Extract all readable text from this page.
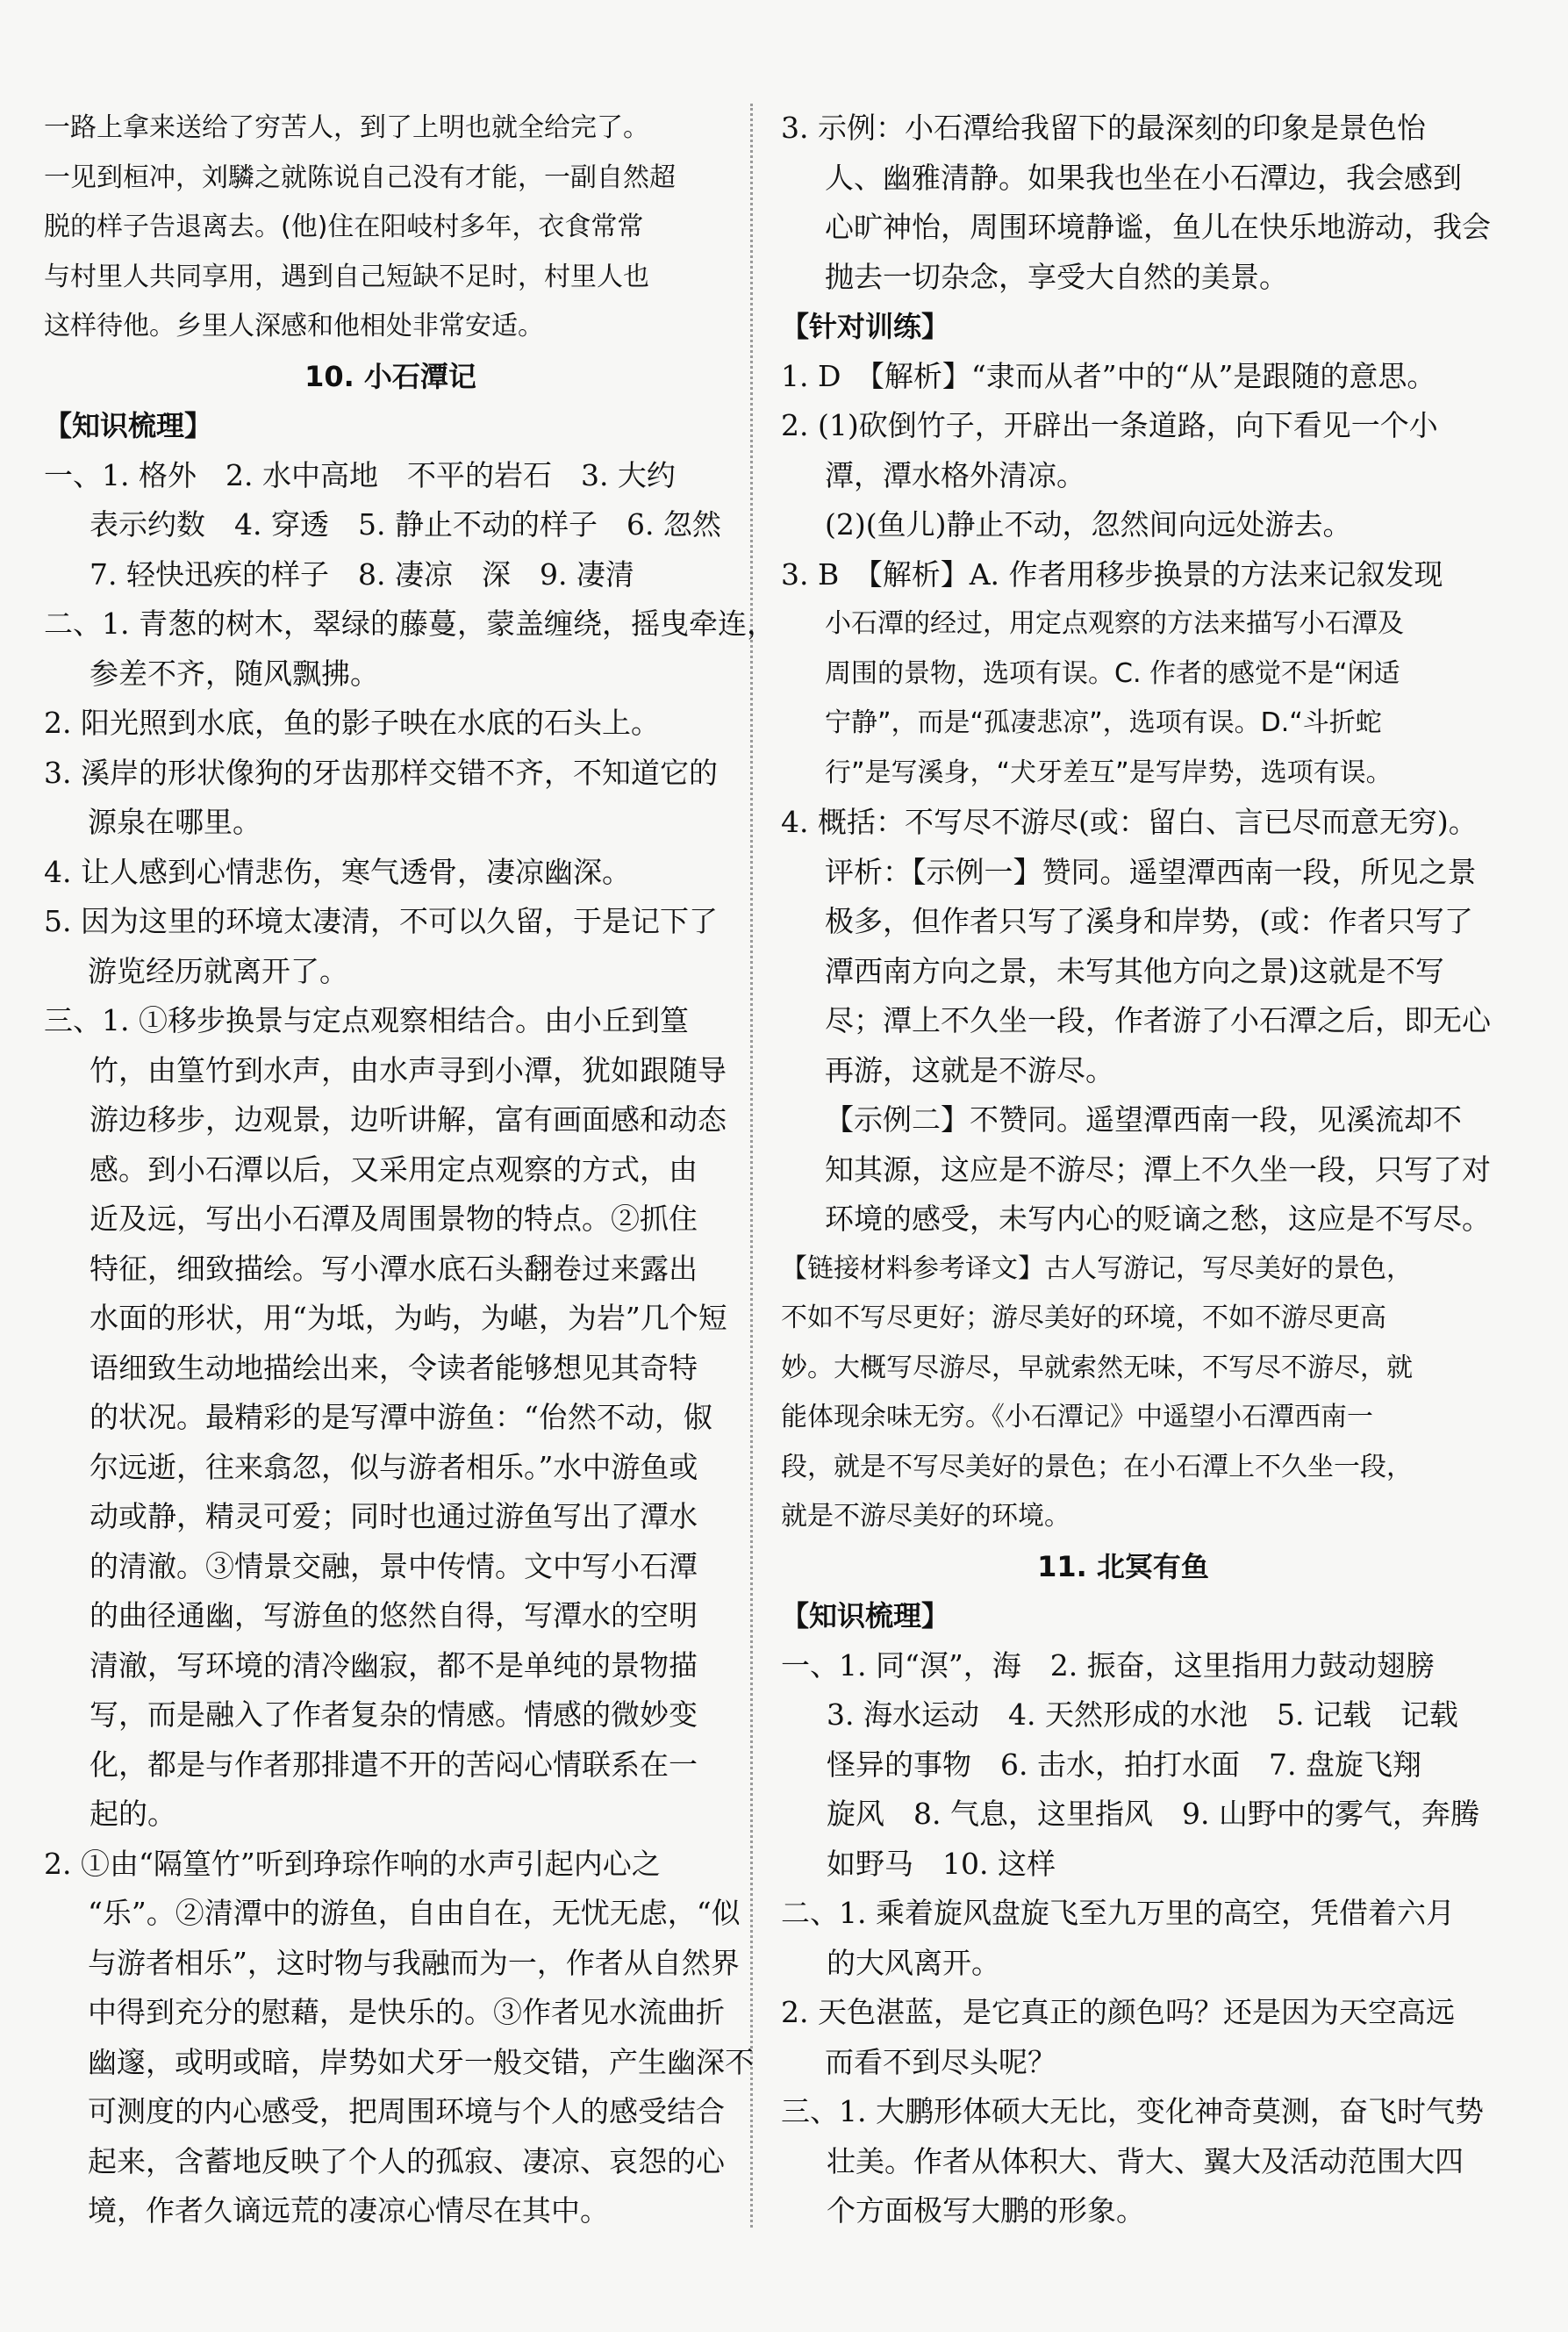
一路上拿来送给了穷苦人，到了上明也就全给完了。
一见到桓冲，刘驎之就陈说自己没有才能，一副自然超
脱的样子告退离去。(他)住在阳岐村多年，衣食常常
与村里人共同享用，遇到自己短缺不足时，村里人也
这样待他。乡里人深感和他相处非常安适。
10. 小石潭记
【知识梳理】
一、1. 格外　2. 水中高地　不平的岩石　3. 大约
表示约数　4. 穿透　5. 静止不动的样子　6. 忽然
7. 轻快迅疾的样子　8. 凄凉　深　9. 凄清
二、1. 青葱的树木，翠绿的藤蔓，蒙盖缠绕，摇曳牵连，
参差不齐，随风飘拂。
2. 阳光照到水底，鱼的影子映在水底的石头上。
3. 溪岸的形状像狗的牙齿那样交错不齐，不知道它的
源泉在哪里。
4. 让人感到心情悲伤，寒气透骨，凄凉幽深。
5. 因为这里的环境太凄清，不可以久留，于是记下了
游览经历就离开了。
三、1. ①移步换景与定点观察相结合。由小丘到篁
竹，由篁竹到水声，由水声寻到小潭，犹如跟随导
游边移步，边观景，边听讲解，富有画面感和动态
感。到小石潭以后，又采用定点观察的方式，由
近及远，写出小石潭及周围景物的特点。②抓住
特征，细致描绘。写小潭水底石头翻卷过来露出
水面的形状，用“为坻，为屿，为嵁，为岩”几个短
语细致生动地描绘出来，令读者能够想见其奇特
的状况。最精彩的是写潭中游鱼：“佁然不动，俶
尔远逝，往来翕忽，似与游者相乐。”水中游鱼或
动或静，精灵可爱；同时也通过游鱼写出了潭水
的清澈。③情景交融，景中传情。文中写小石潭
的曲径通幽，写游鱼的悠然自得，写潭水的空明
清澈，写环境的清冷幽寂，都不是单纯的景物描
写，而是融入了作者复杂的情感。情感的微妙变
化，都是与作者那排遣不开的苦闷心情联系在一
起的。
2. ①由“隔篁竹”听到琤琮作响的水声引起内心之
“乐”。②清潭中的游鱼，自由自在，无忧无虑，“似
与游者相乐”，这时物与我融而为一，作者从自然界
中得到充分的慰藉，是快乐的。③作者见水流曲折
幽邃，或明或暗，岸势如犬牙一般交错，产生幽深不
可测度的内心感受，把周围环境与个人的感受结合
起来，含蓄地反映了个人的孤寂、凄凉、哀怨的心
境，作者久谪远荒的凄凉心情尽在其中。
3. 示例：小石潭给我留下的最深刻的印象是景色怡
人、幽雅清静。如果我也坐在小石潭边，我会感到
心旷神怡，周围环境静谧，鱼儿在快乐地游动，我会
抛去一切杂念，享受大自然的美景。
【针对训练】
1. D　【解析】“隶而从者”中的“从”是跟随的意思。
2. (1)砍倒竹子，开辟出一条道路，向下看见一个小
潭，潭水格外清凉。
(2)(鱼儿)静止不动，忽然间向远处游去。
3. B　【解析】A. 作者用移步换景的方法来记叙发现
小石潭的经过，用定点观察的方法来描写小石潭及
周围的景物，选项有误。C. 作者的感觉不是“闲适
宁静”，而是“孤凄悲凉”，选项有误。D.“斗折蛇
行”是写溪身，“犬牙差互”是写岸势，选项有误。
4. 概括：不写尽不游尽(或：留白、言已尽而意无穷)。
评析：【示例一】赞同。遥望潭西南一段，所见之景
极多，但作者只写了溪身和岸势，(或：作者只写了
潭西南方向之景，未写其他方向之景)这就是不写
尽；潭上不久坐一段，作者游了小石潭之后，即无心
再游，这就是不游尽。
【示例二】不赞同。遥望潭西南一段，见溪流却不
知其源，这应是不游尽；潭上不久坐一段，只写了对
环境的感受，未写内心的贬谪之愁，这应是不写尽。
【链接材料参考译文】古人写游记，写尽美好的景色，
不如不写尽更好；游尽美好的环境，不如不游尽更高
妙。大概写尽游尽，早就索然无味，不写尽不游尽，就
能体现余味无穷。《小石潭记》中遥望小石潭西南一
段，就是不写尽美好的景色；在小石潭上不久坐一段，
就是不游尽美好的环境。
11. 北冥有鱼
【知识梳理】
一、1. 同“溟”，海　2. 振奋，这里指用力鼓动翅膀
3. 海水运动　4. 天然形成的水池　5. 记载　记载
怪异的事物　6. 击水，拍打水面　7. 盘旋飞翔
旋风　8. 气息，这里指风　9. 山野中的雾气，奔腾
如野马　10. 这样
二、1. 乘着旋风盘旋飞至九万里的高空，凭借着六月
的大风离开。
2. 天色湛蓝，是它真正的颜色吗？还是因为天空高远
而看不到尽头呢？
三、1. 大鹏形体硕大无比，变化神奇莫测，奋飞时气势
壮美。作者从体积大、背大、翼大及活动范围大四
个方面极写大鹏的形象。
